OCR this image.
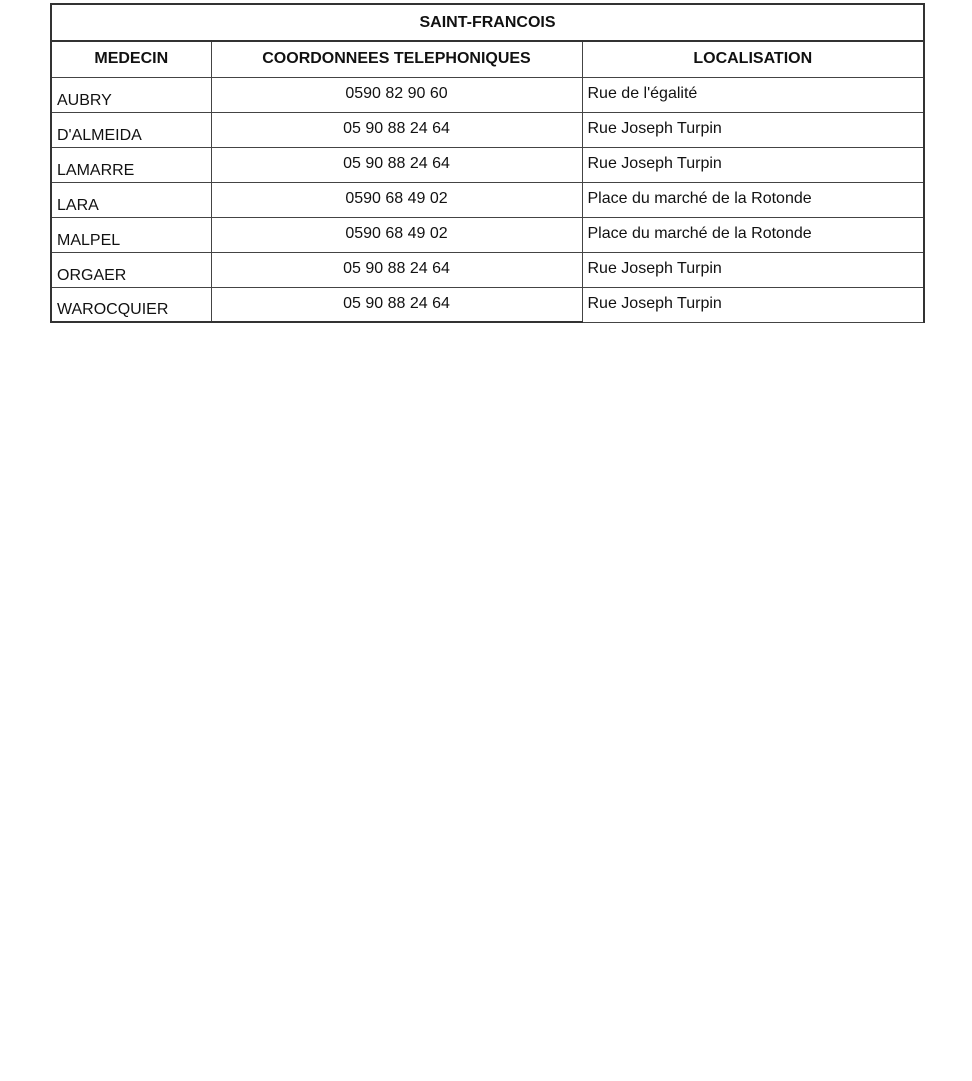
SAINT-FRANCOIS		
MEDECIN	COORDONNEES TELEPHONIQUES	LOCALISATION
AUBRY	0590 82 90 60	Rue de l'égalité
D'ALMEIDA	05 90 88 24 64	Rue Joseph Turpin
LAMARRE	05 90 88 24 64	Rue Joseph Turpin
LARA	0590 68 49 02	Place du marché de la Rotonde
MALPEL	0590 68 49 02	Place du marché de la Rotonde
ORGAER	05 90 88 24 64	Rue Joseph Turpin
WAROCQUIER	05 90 88 24 64	Rue Joseph Turpin
